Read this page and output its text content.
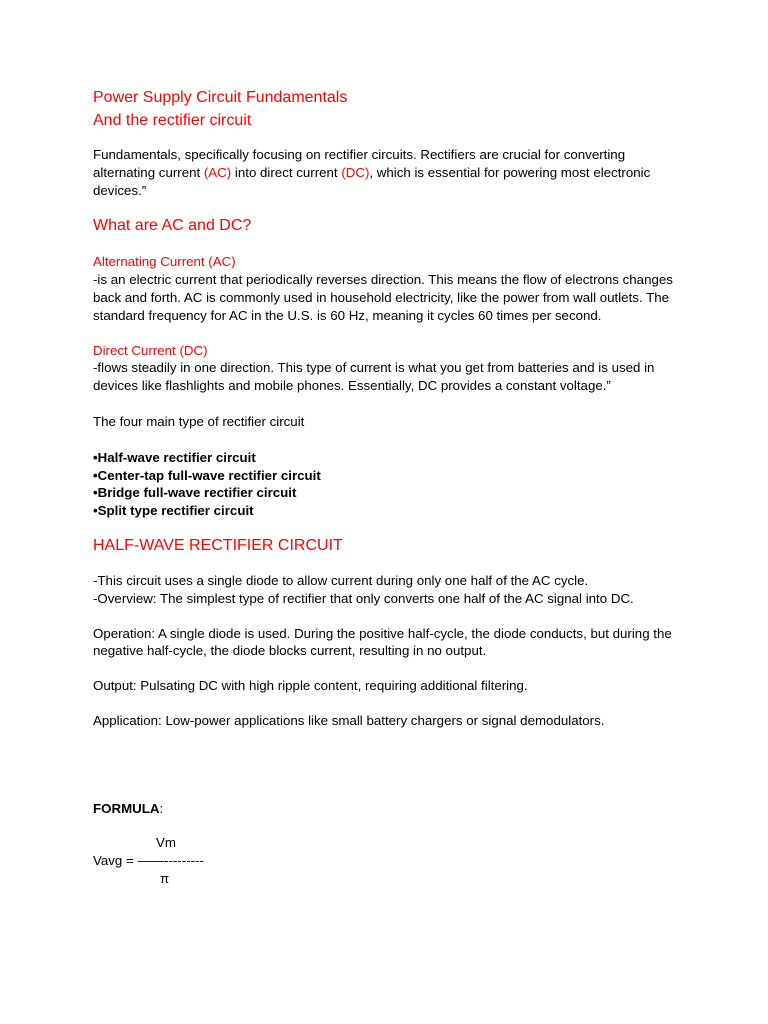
Power Supply Circuit Fundamentals
And the rectifier circuit

Fundamentals, specifically focusing on rectifier circuits. Rectifiers are crucial for converting alternating current (AC) into direct current (DC), which is essential for powering most electronic devices.”

What are AC and DC?

Alternating Current (AC)

-is an electric current that periodically reverses direction. This means the flow of electrons changes back and forth. AC is commonly used in household electricity, like the power from wall outlets. The standard frequency for AC in the U.S. is 60 Hz, meaning it cycles 60 times per second.

Direct Current (DC)

-flows steadily in one direction. This type of current is what you get from batteries and is used in devices like flashlights and mobile phones. Essentially, DC provides a constant voltage.”

The four main type of rectifier circuit

•Half-wave rectifier circuit
•Center-tap full-wave rectifier circuit
•Bridge full-wave rectifier circuit
•Split type rectifier circuit
HALF-WAVE RECTIFIER CIRCUIT

-This circuit uses a single diode to allow current during only one half of the AC cycle.

-Overview: The simplest type of rectifier that only converts one half of the AC signal into DC.

Operation: A single diode is used. During the positive half-cycle, the diode conducts, but during the negative half-cycle, the diode blocks current, resulting in no output.

Output: Pulsating DC with high ripple content, requiring additional filtering.

Application: Low-power applications like small battery chargers or signal demodulators.

FORMULA:

Vm
Vavg = ——---------
π
